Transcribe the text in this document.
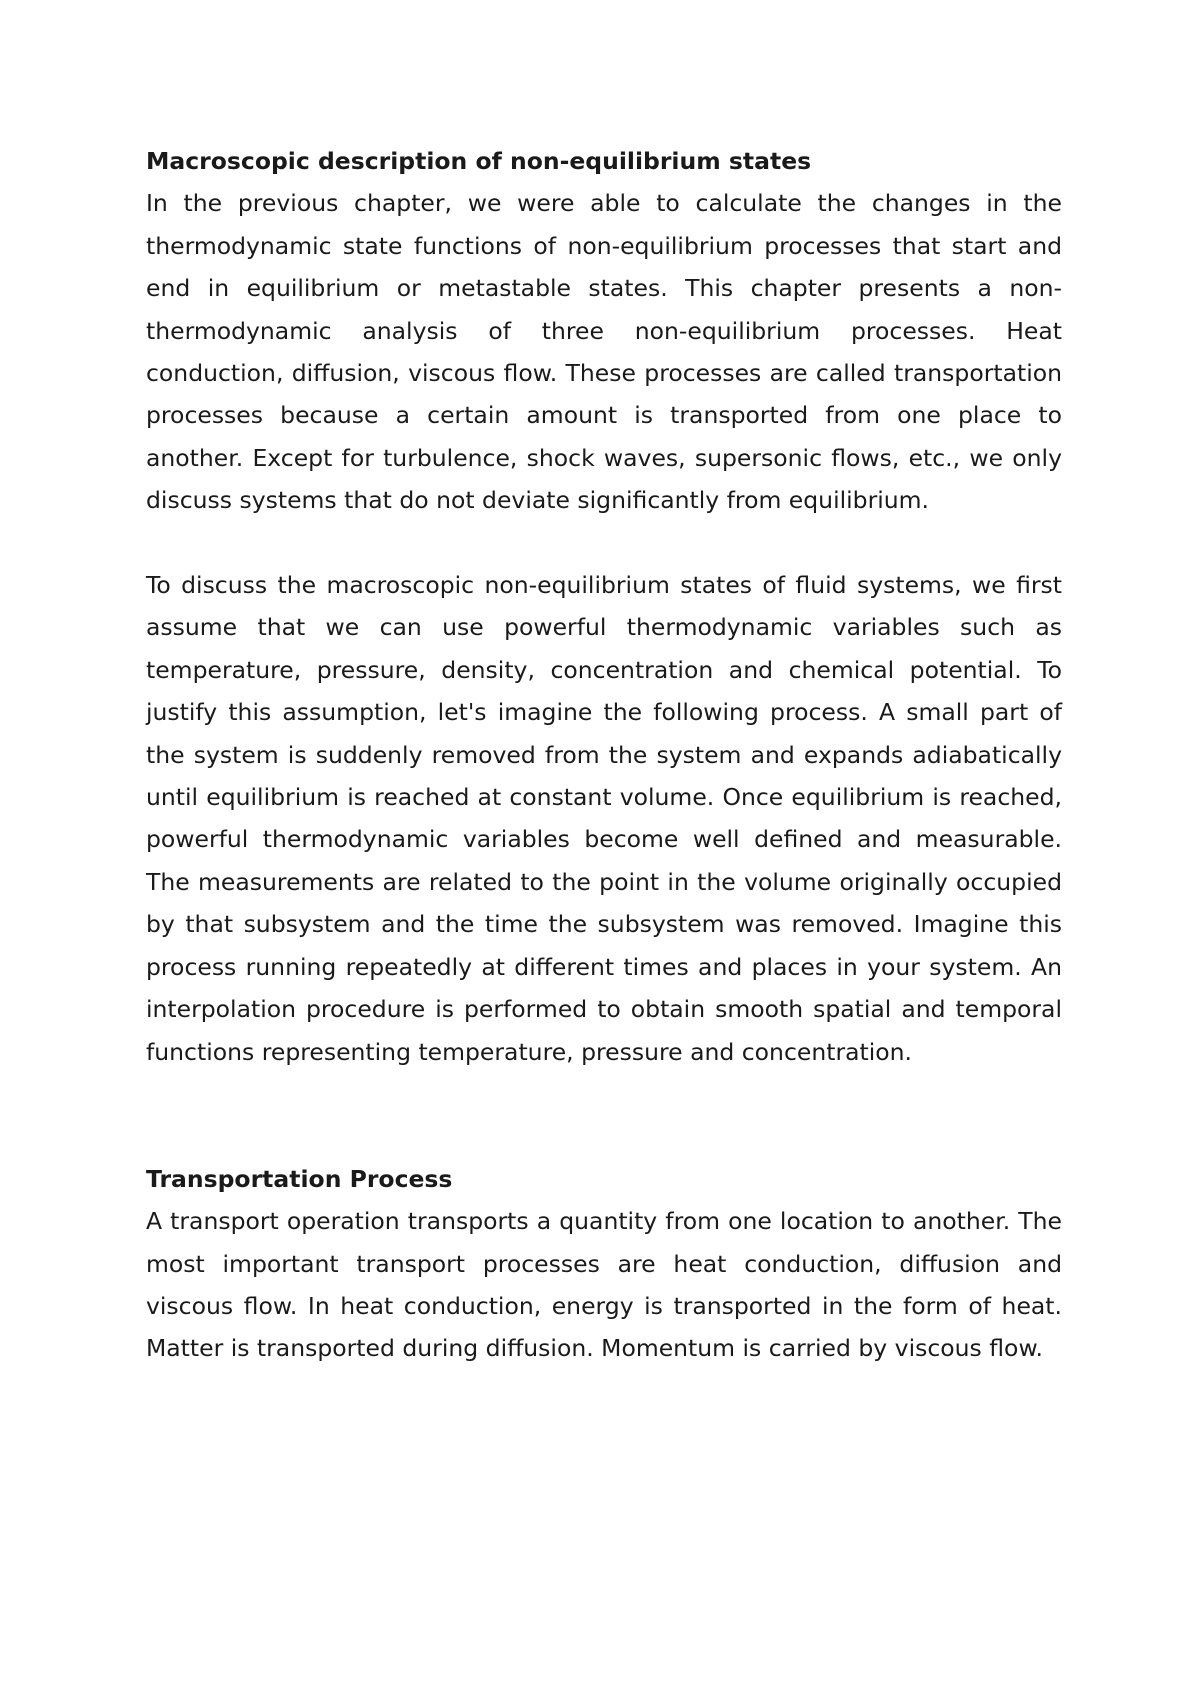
Macroscopic description of non-equilibrium states

In the previous chapter, we were able to calculate the changes in the thermodynamic state functions of non-equilibrium processes that start and end in equilibrium or metastable states. This chapter presents a non-thermodynamic analysis of three non-equilibrium processes. Heat conduction, diffusion, viscous flow. These processes are called transportation processes because a certain amount is transported from one place to another. Except for turbulence, shock waves, supersonic flows, etc., we only discuss systems that do not deviate significantly from equilibrium.

To discuss the macroscopic non-equilibrium states of fluid systems, we first assume that we can use powerful thermodynamic variables such as temperature, pressure, density, concentration and chemical potential. To justify this assumption, let's imagine the following process. A small part of the system is suddenly removed from the system and expands adiabatically until equilibrium is reached at constant volume. Once equilibrium is reached, powerful thermodynamic variables become well defined and measurable. The measurements are related to the point in the volume originally occupied by that subsystem and the time the subsystem was removed. Imagine this process running repeatedly at different times and places in your system. An interpolation procedure is performed to obtain smooth spatial and temporal functions representing temperature, pressure and concentration.

Transportation Process

A transport operation transports a quantity from one location to another. The most important transport processes are heat conduction, diffusion and viscous flow. In heat conduction, energy is transported in the form of heat. Matter is transported during diffusion. Momentum is carried by viscous flow.
